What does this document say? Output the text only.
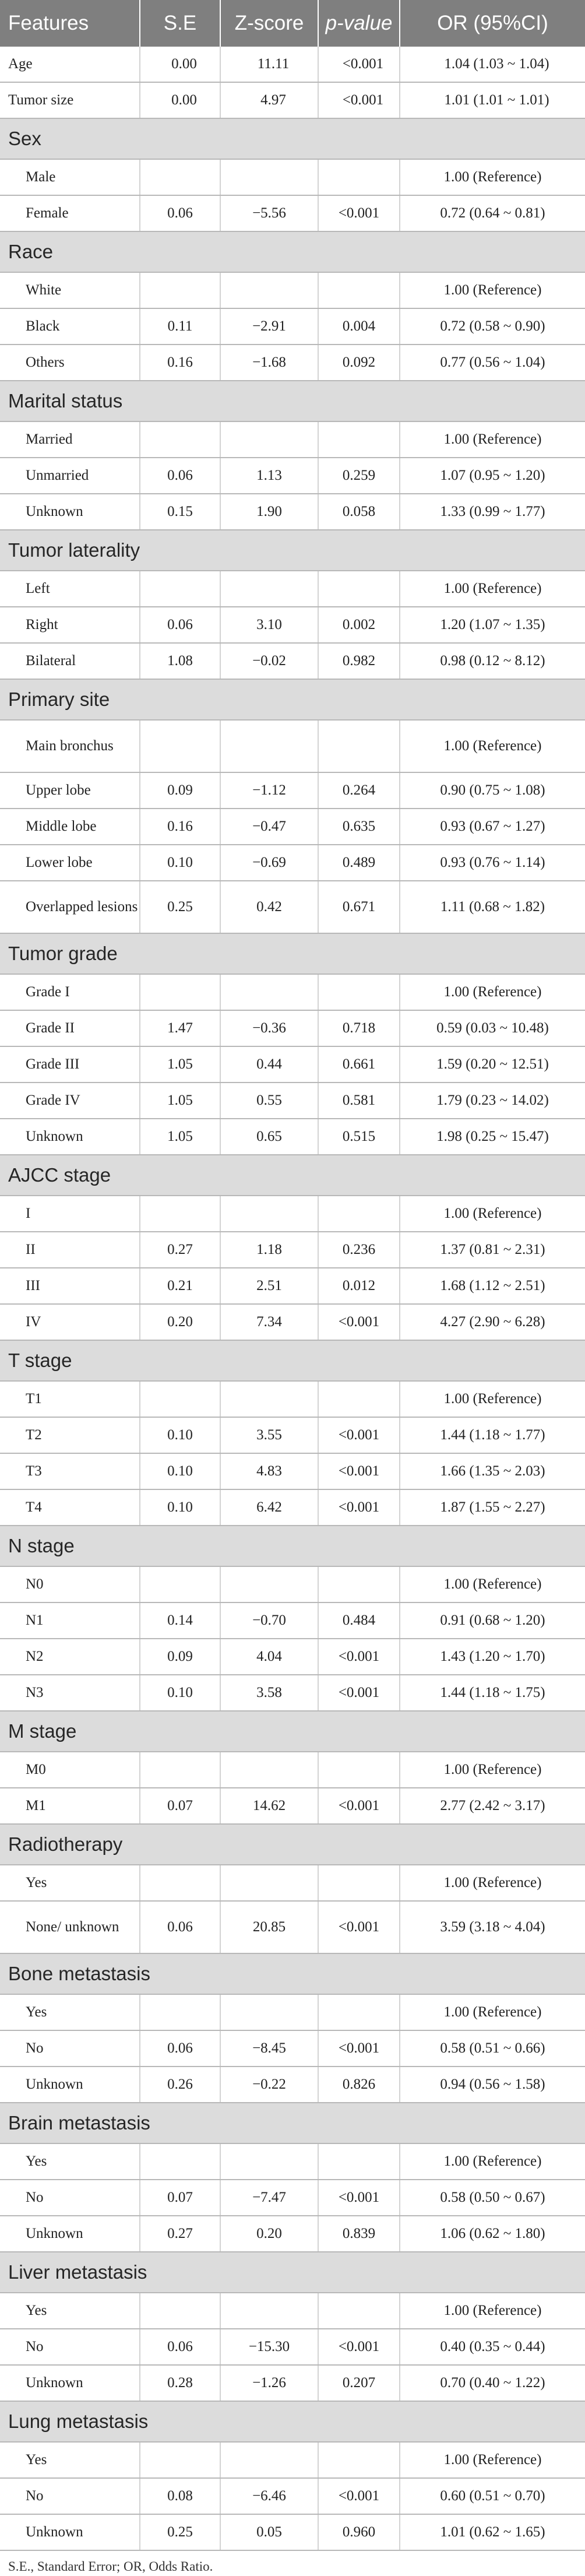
Features	S.E	Z-score	p-value	OR (95%CI)
Age	0.00	11.11	<0.001	1.04 (1.03 ~ 1.04)
Tumor size	0.00	4.97	<0.001	1.01 (1.01 ~ 1.01)
Sex				
Male				1.00 (Reference)
Female	0.06	−5.56	<0.001	0.72 (0.64 ~ 0.81)
Race				
White				1.00 (Reference)
Black	0.11	−2.91	0.004	0.72 (0.58 ~ 0.90)
Others	0.16	−1.68	0.092	0.77 (0.56 ~ 1.04)
Marital status				
Married				1.00 (Reference)
Unmarried	0.06	1.13	0.259	1.07 (0.95 ~ 1.20)
Unknown	0.15	1.90	0.058	1.33 (0.99 ~ 1.77)
Tumor laterality				
Left				1.00 (Reference)
Right	0.06	3.10	0.002	1.20 (1.07 ~ 1.35)
Bilateral	1.08	−0.02	0.982	0.98 (0.12 ~ 8.12)
Primary site				
Main bronchus				1.00 (Reference)
Upper lobe	0.09	−1.12	0.264	0.90 (0.75 ~ 1.08)
Middle lobe	0.16	−0.47	0.635	0.93 (0.67 ~ 1.27)
Lower lobe	0.10	−0.69	0.489	0.93 (0.76 ~ 1.14)
Overlapped lesions	0.25	0.42	0.671	1.11 (0.68 ~ 1.82)
Tumor grade				
Grade I				1.00 (Reference)
Grade II	1.47	−0.36	0.718	0.59 (0.03 ~ 10.48)
Grade III	1.05	0.44	0.661	1.59 (0.20 ~ 12.51)
Grade IV	1.05	0.55	0.581	1.79 (0.23 ~ 14.02)
Unknown	1.05	0.65	0.515	1.98 (0.25 ~ 15.47)
AJCC stage				
I				1.00 (Reference)
II	0.27	1.18	0.236	1.37 (0.81 ~ 2.31)
III	0.21	2.51	0.012	1.68 (1.12 ~ 2.51)
IV	0.20	7.34	<0.001	4.27 (2.90 ~ 6.28)
T stage				
T1				1.00 (Reference)
T2	0.10	3.55	<0.001	1.44 (1.18 ~ 1.77)
T3	0.10	4.83	<0.001	1.66 (1.35 ~ 2.03)
T4	0.10	6.42	<0.001	1.87 (1.55 ~ 2.27)
N stage				
N0				1.00 (Reference)
N1	0.14	−0.70	0.484	0.91 (0.68 ~ 1.20)
N2	0.09	4.04	<0.001	1.43 (1.20 ~ 1.70)
N3	0.10	3.58	<0.001	1.44 (1.18 ~ 1.75)
M stage				
M0				1.00 (Reference)
M1	0.07	14.62	<0.001	2.77 (2.42 ~ 3.17)
Radiotherapy				
Yes				1.00 (Reference)
None/ unknown	0.06	20.85	<0.001	3.59 (3.18 ~ 4.04)
Bone metastasis				
Yes				1.00 (Reference)
No	0.06	−8.45	<0.001	0.58 (0.51 ~ 0.66)
Unknown	0.26	−0.22	0.826	0.94 (0.56 ~ 1.58)
Brain metastasis				
Yes				1.00 (Reference)
No	0.07	−7.47	<0.001	0.58 (0.50 ~ 0.67)
Unknown	0.27	0.20	0.839	1.06 (0.62 ~ 1.80)
Liver metastasis				
Yes				1.00 (Reference)
No	0.06	−15.30	<0.001	0.40 (0.35 ~ 0.44)
Unknown	0.28	−1.26	0.207	0.70 (0.40 ~ 1.22)
Lung metastasis				
Yes				1.00 (Reference)
No	0.08	−6.46	<0.001	0.60 (0.51 ~ 0.70)
Unknown	0.25	0.05	0.960	1.01 (0.62 ~ 1.65)
S.E., Standard Error; OR, Odds Ratio.
